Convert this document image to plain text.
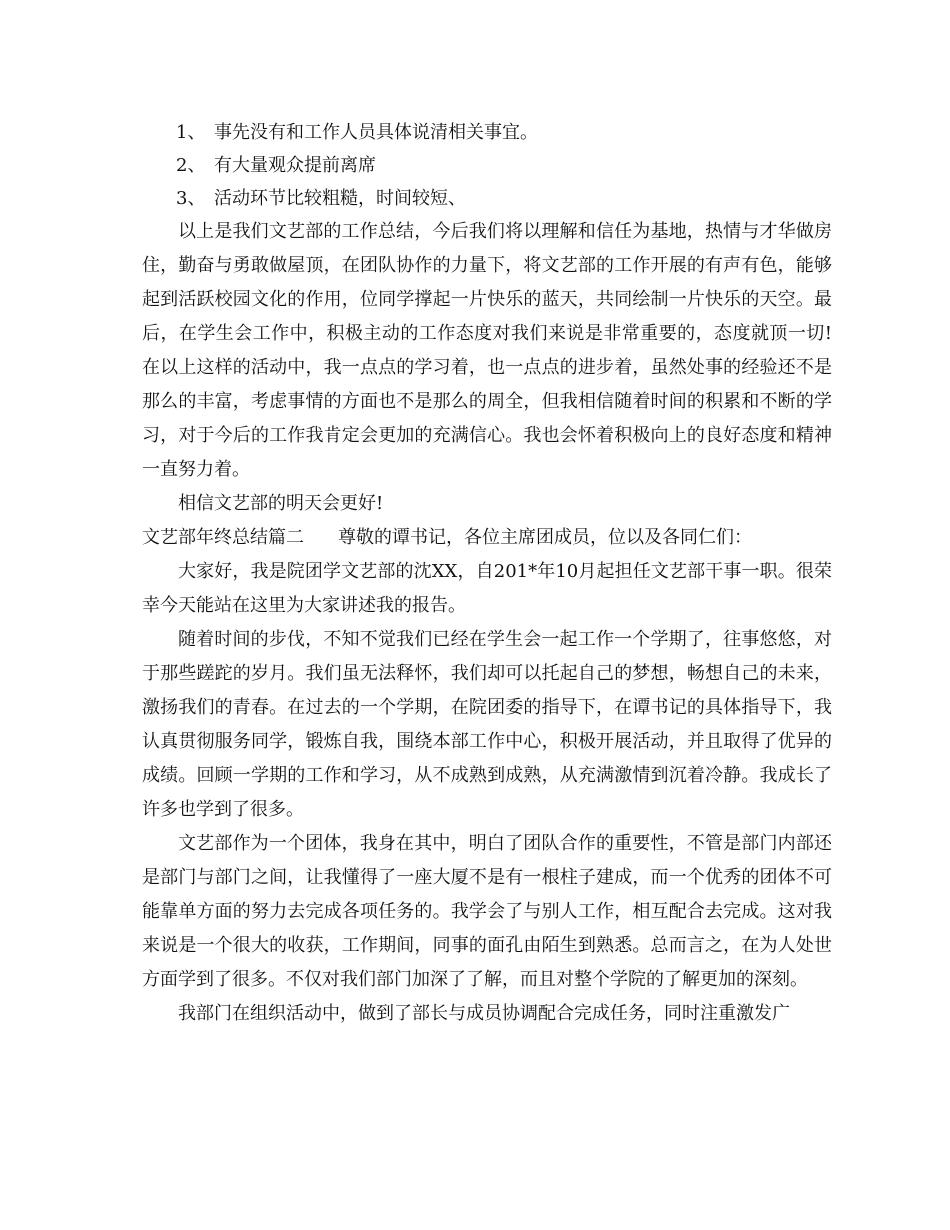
1、 事先没有和工作人员具体说清相关事宜。
2、 有大量观众提前离席
3、 活动环节比较粗糙，时间较短、

以上是我们文艺部的工作总结，今后我们将以理解和信任为基地，热情与才华做房住，勤奋与勇敢做屋顶，在团队协作的力量下，将文艺部的工作开展的有声有色，能够起到活跃校园文化的作用，位同学撑起一片快乐的蓝天，共同绘制一片快乐的天空。最后，在学生会工作中，积极主动的工作态度对我们来说是非常重要的，态度就顶一切!在以上这样的活动中，我一点点的学习着，也一点点的进步着，虽然处事的经验还不是那么的丰富，考虑事情的方面也不是那么的周全，但我相信随着时间的积累和不断的学习，对于今后的工作我肯定会更加的充满信心。我也会怀着积极向上的良好态度和精神一直努力着。

相信文艺部的明天会更好!

文艺部年终总结篇二 尊敬的谭书记，各位主席团成员，位以及各同仁们：

大家好，我是院团学文艺部的沈XX，自201*年10月起担任文艺部干事一职。很荣幸今天能站在这里为大家讲述我的报告。

随着时间的步伐，不知不觉我们已经在学生会一起工作一个学期了，往事悠悠，对于那些蹉跎的岁月。我们虽无法释怀，我们却可以托起自己的梦想，畅想自己的未来，激扬我们的青春。在过去的一个学期，在院团委的指导下，在谭书记的具体指导下，我认真贯彻服务同学，锻炼自我，围绕本部工作中心，积极开展活动，并且取得了优异的成绩。回顾一学期的工作和学习，从不成熟到成熟，从充满激情到沉着冷静。我成长了许多也学到了很多。

文艺部作为一个团体，我身在其中，明白了团队合作的重要性，不管是部门内部还是部门与部门之间，让我懂得了一座大厦不是有一根柱子建成，而一个优秀的团体不可能靠单方面的努力去完成各项任务的。我学会了与别人工作，相互配合去完成。这对我来说是一个很大的收获，工作期间，同事的面孔由陌生到熟悉。总而言之，在为人处世方面学到了很多。不仅对我们部门加深了了解，而且对整个学院的了解更加的深刻。

我部门在组织活动中，做到了部长与成员协调配合完成任务，同时注重激发广
